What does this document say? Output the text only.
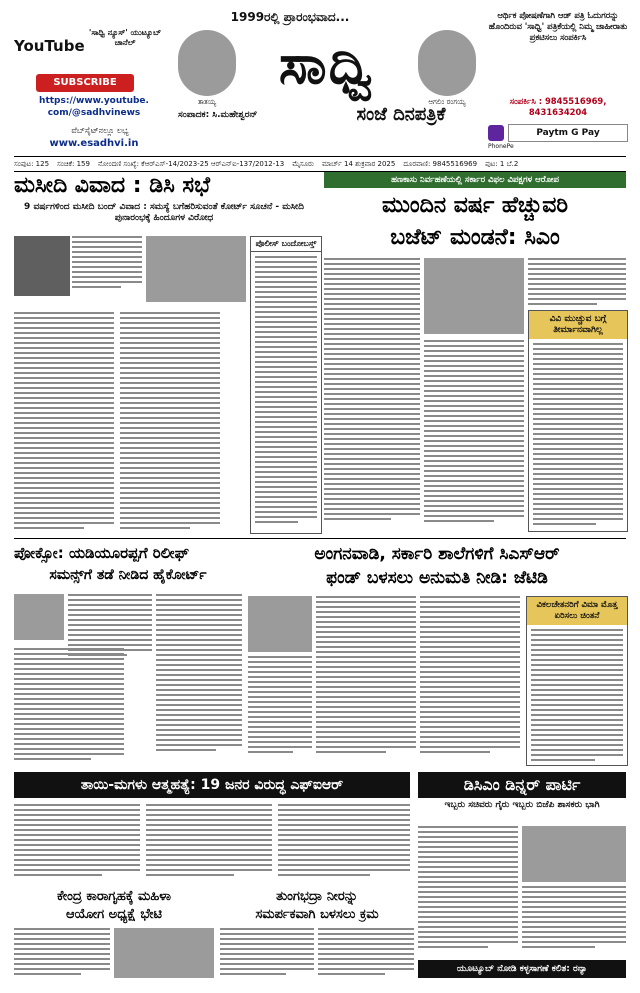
YouTube
'ಸಾಧ್ವಿ ನ್ಯೂಸ್' ಯುಟ್ಯೂಬ್ ಚಾನೆಲ್
SUBSCRIBE
https://www.youtube.
com/@sadhvinews
ವೆಬ್‌ಸೈಟ್‌ನಲ್ಲೂ ಲಭ್ಯ
www.esadhvi.in
1999ರಲ್ಲಿ ಪ್ರಾರಂಭವಾದ...
ತಾತಯ್ಯ
ಸಾಧ್ವಿ
ಆಗಲಿಂ ರಂಗಯ್ಯ
ಸಂಪಾದಕ: ಸಿ.ಮಹೇಶ್ವರನ್	ಸಂಜೆ ದಿನಪತ್ರಿಕೆ
ಆರ್ಥಿಕ ಪೋಷಣೆಗಾಗಿ ಆಡ್ ಪತ್ರಿ ಓದುಗರನ್ನು ಹೊಂದಿರುವ 'ಸಾಧ್ವಿ' ಪತ್ರಿಕೆಯಲ್ಲಿ ನಿಮ್ಮ ಜಾಹೀರಾತು ಪ್ರಕಟಿಸಲು ಸಂಪರ್ಕಿಸಿ
ಸಂಪರ್ಕಿಸಿ : 9845516969, 8431634204
Paytm G Pay
PhonePe
ಸಂಪುಟ: 125 ಸಂಚಿಕೆ: 159 ನೋಂದಣಿ ಸಂಖ್ಯೆ: ಕೆಆರ್‌ಎಸ್-14/2023-25 ಆರ್‌ಎನ್‌ಐ-137/2012-13 ಮೈಸೂರು ಮಾರ್ಚ್ 14 ಶುಕ್ರವಾರ 2025 ದೂರವಾಣಿ: 9845516969 ಪುಟ: 1 ಬೆ.2
ಮಸೀದಿ ವಿವಾದ : ಡಿಸಿ ಸಭೆ
9 ವರ್ಷಗಳಿಂದ ಮಸೀದಿ ಬಂದ್ ವಿವಾದ : ಸಮಸ್ಯೆ ಬಗೆಹರಿಸುವಂತೆ ಕೋರ್ಟ್ ಸೂಚನೆ - ಮಸೀದಿ ಪುನಾರಂಭಕ್ಕೆ ಹಿಂದೂಗಳ ವಿರೋಧ
ಪೊಲೀಸ್ ಬಂದೋಬಸ್ತ್
ಹಣಕಾಸು ನಿರ್ವಹಣೆಯಲ್ಲಿ ಸರ್ಕಾರ ವಿಫಲ ವಿಪಕ್ಷಗಳ ಆರೋಪ
ಮುಂದಿನ ವರ್ಷ ಹೆಚ್ಚುವರಿ
ಬಜೆಟ್ ಮಂಡನೆ: ಸಿಎಂ
ವಿವಿ ಮುಚ್ಚುವ ಬಗ್ಗೆ ತೀರ್ಮಾನವಾಗಿಲ್ಲ
ಪೋಕ್ಸೋ: ಯಡಿಯೂರಪ್ಪಗೆ ರಿಲೀಫ್
ಸಮನ್ಸ್‌ಗೆ ತಡೆ ನೀಡಿದ ಹೈಕೋರ್ಟ್
ಅಂಗನವಾಡಿ, ಸರ್ಕಾರಿ ಶಾಲೆಗಳಿಗೆ ಸಿಎಸ್ಆರ್
ಫಂಡ್ ಬಳಸಲು ಅನುಮತಿ ನೀಡಿ: ಜೆಟಿಡಿ
ವಿಕಲಚೇತನರಿಗೆ ವಿಮಾ ಮೊತ್ತ ಏರಿಸಲು ಚಿಂತನೆ
ತಾಯಿ-ಮಗಳು ಆತ್ಮಹತ್ಯೆ: 19 ಜನರ ವಿರುದ್ಧ ಎಫ್‌ಐಆರ್	ಡಿಸಿಎಂ ಡಿನ್ನರ್ ಪಾರ್ಟಿ
ಇಬ್ಬರು ಸಚಿವರು ಗೈರು ಇಬ್ಬರು ಬಿಜೆಪಿ ಶಾಸಕರು ಭಾಗಿ
ಕೇಂದ್ರ ಕಾರಾಗೃಹಕ್ಕೆ ಮಹಿಳಾ
ಆಯೋಗ ಅಧ್ಯಕ್ಷೆ ಭೇಟಿ
ತುಂಗಭದ್ರಾ ನೀರನ್ನು
ಸಮರ್ಪಕವಾಗಿ ಬಳಸಲು ಕ್ರಮ
ಯೂಟ್ಯೂಬ್ ನೋಡಿ ಕಳ್ಳಸಾಗಣೆ ಕಲಿತ: ರನ್ಯಾ
